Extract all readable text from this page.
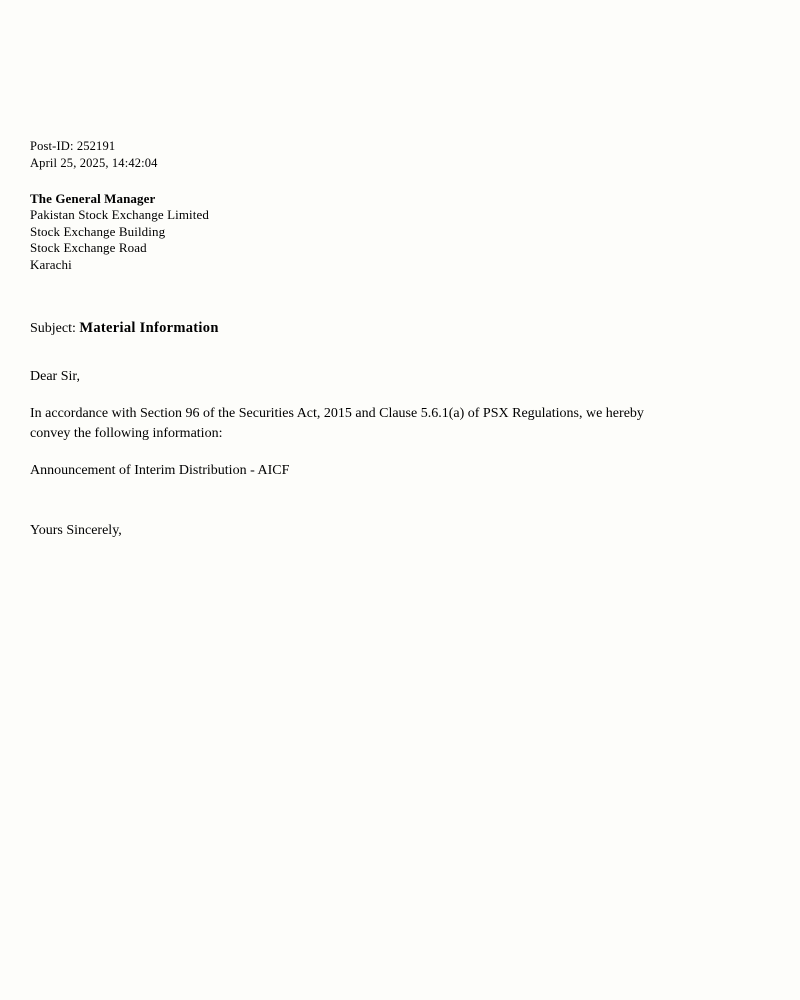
Post-ID: 252191
April 25, 2025, 14:42:04
The General Manager
Pakistan Stock Exchange Limited
Stock Exchange Building
Stock Exchange Road
Karachi
Subject: Material Information
Dear Sir,
In accordance with Section 96 of the Securities Act, 2015 and Clause 5.6.1(a) of PSX Regulations, we hereby convey the following information:
Announcement of Interim Distribution - AICF
Yours Sincerely,
